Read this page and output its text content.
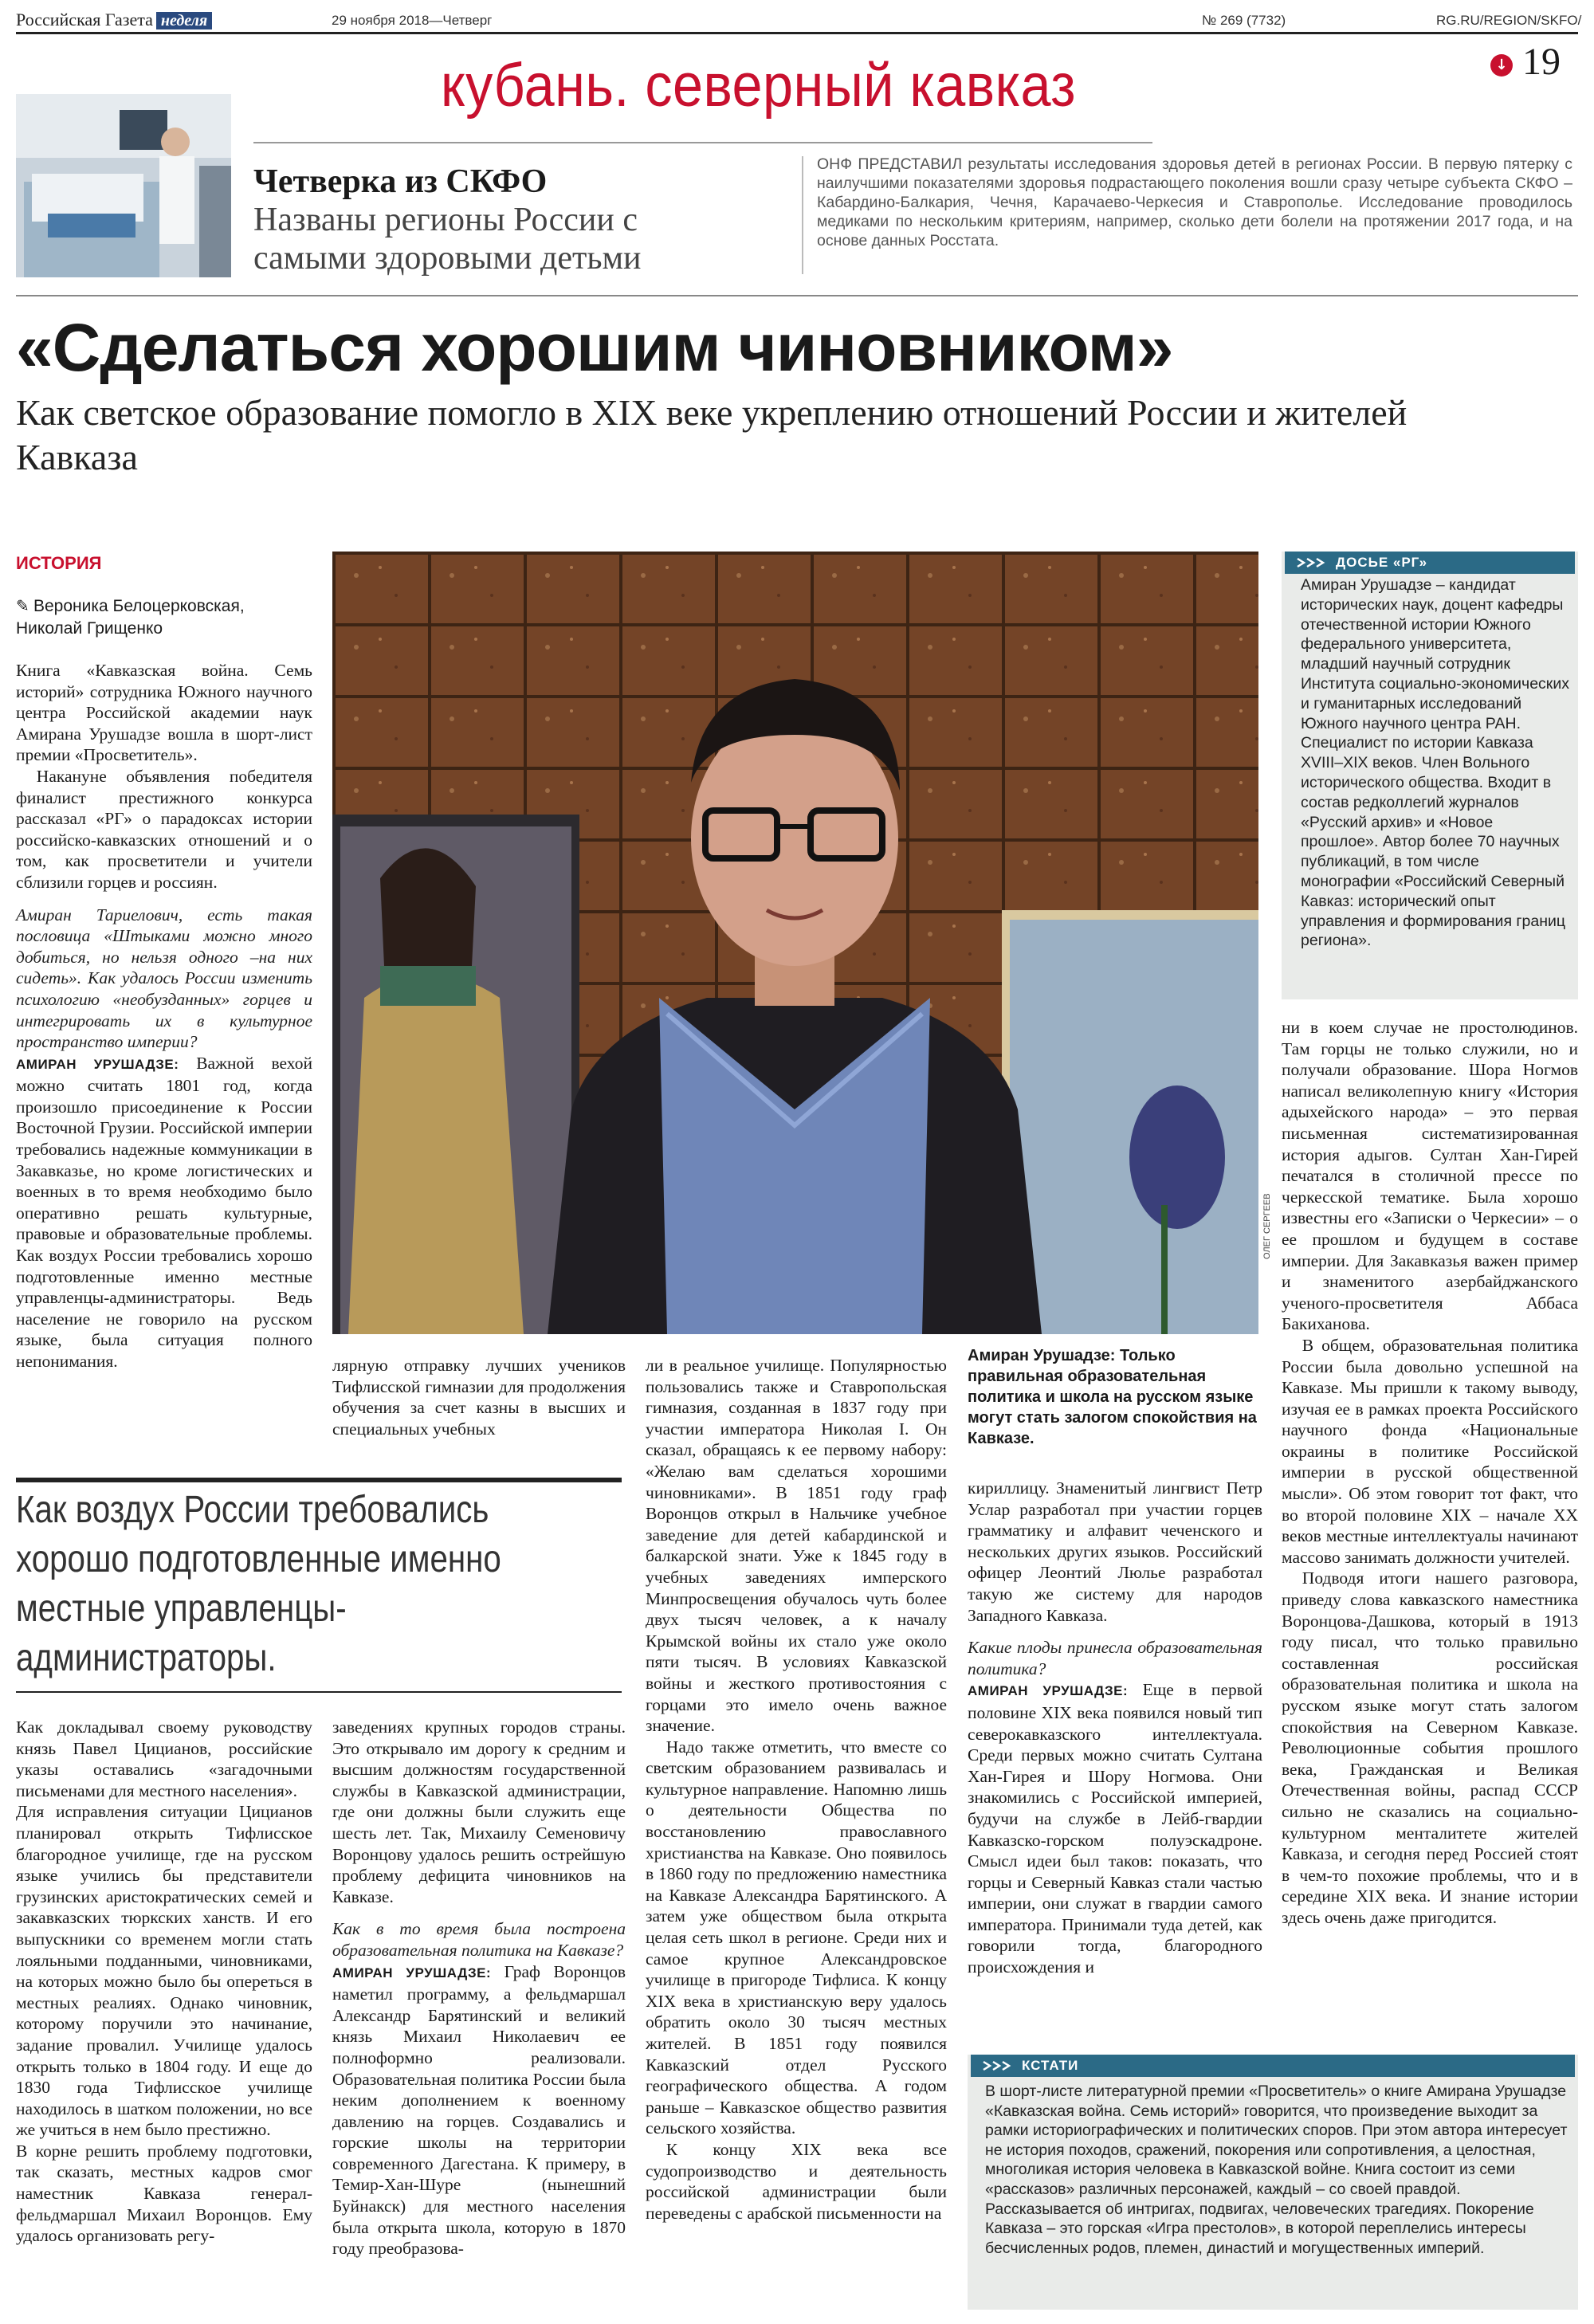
Российская Газета неделя	29 ноября 2018—Четверг	№ 269 (7732)	RG.RU/REGION/SKFO/
кубань. северный кавказ	↓ 19
Четверка из СКФО
Названы регионы России с самыми здоровыми детьми
ОНФ ПРЕДСТАВИЛ результаты исследования здоровья детей в регионах России. В первую пятерку с наилучшими показателями здоровья подрастающего поколения вошли сразу четыре субъекта СКФО – Кабардино-Балкария, Чечня, Карачаево-Черкесия и Ставрополье. Исследование проводилось медиками по нескольким критериям, например, сколько дети болели на протяжении 2017 года, и на основе данных Росстата.
«Сделаться хорошим чиновником»
Как светское образование помогло в XIX веке укреплению отношений России и жителей Кавказа
ИСТОРИЯ
✎ Вероника Белоцерковская,
Николай Грищенко

Книга «Кавказская война. Семь историй» сотрудника Южного научного центра Российской академии наук Амирана Урушадзе вошла в шорт-лист премии «Просветитель».

Накануне объявления победителя финалист престижного конкурса рассказал «РГ» о парадоксах истории российско-кавказских отношений и о том, как просветители и учители сблизили горцев и россиян.

Амиран Тариелович, есть такая пословица «Штыками можно много добиться, но нельзя одного –на них сидеть». Как удалось России изменить психологию «необузданных» горцев и интегрировать их в культурное пространство империи?

АМИРАН УРУШАДЗЕ: Важной вехой можно считать 1801 год, когда произошло присоединение к России Восточной Грузии. Российской империи требовались надежные коммуникации в Закавказье, но кроме логистических и военных в то время необходимо было оперативно решать культурные, правовые и образовательные проблемы. Как воздух России требовались хорошо подготовленные именно местные управленцы-администраторы. Ведь население не говорило на русском языке, была ситуация полного непонимания.

ОЛЕГ СЕРГЕЕВ
ДОСЬЕ «РГ»
Амиран Урушадзе – кандидат исторических наук, доцент кафедры отечественной истории Южного федерального университета, младший научный сотрудник Института социально-экономических и гуманитарных исследований Южного научного центра РАН. Специалист по истории Кавказа XVIII–XIX веков. Член Вольного исторического общества. Входит в состав редколлегий журналов «Русский архив» и «Новое прошлое». Автор более 70 научных публикаций, в том числе монографии «Российский Северный Кавказ: исторический опыт управления и формирования границ региона».

ни в коем случае не простолюдинов. Там горцы не только служили, но и получали образование. Шора Ногмов написал великолепную книгу «История адыхейского народа» – это первая письменная систематизированная история адыгов. Султан Хан-Гирей печатался в столичной прессе по черкесской тематике. Была хорошо известны его «Записки о Черкесии» – о ее прошлом и будущем в составе империи. Для Закавказья важен пример и знаменитого азербайджанского ученого-просветителя Аббаса Бакиханова.

В общем, образовательная политика России была довольно успешной на Кавказе. Мы пришли к такому выводу, изучая ее в рамках проекта Российского научного фонда «Национальные окраины в политике Российской империи в русской общественной мысли». Об этом говорит тот факт, что во второй половине XIX – начале XX веков местные интеллектуалы начинают массово занимать должности учителей.

Подводя итоги нашего разговора, приведу слова кавказского наместника Воронцова-Дашкова, который в 1913 году писал, что только правильно составленная российская образовательная политика и школа на русском языке могут стать залогом спокойствия на Северном Кавказе. Революционные события прошлого века, Гражданская и Великая Отечественная войны, распад СССР сильно не сказались на социально-культурном менталитете жителей Кавказа, и сегодня перед Россией стоят в чем-то похожие проблемы, что и в середине XIX века. И знание истории здесь очень даже пригодится.

Амиран Урушадзе: Только правильная образовательная политика и школа на русском языке могут стать залогом спокойствия на Кавказе.

лярную отправку лучших учеников Тифлисской гимназии для продолжения обучения за счет казны в высших и специальных учебных

ли в реальное училище. Популярностью пользовались также и Ставропольская гимназия, созданная в 1837 году при участии императора Николая I. Он сказал, обращаясь к ее первому набору: «Желаю вам сделаться хорошими чиновниками». В 1851 году граф Воронцов открыл в Нальчике учебное заведение для детей кабардинской и балкарской знати. Уже к 1845 году в учебных заведениях имперского Минпросвещения обучалось чуть более двух тысяч человек, а к началу Крымской войны их стало уже около пяти тысяч. В условиях Кавказской войны и жесткого противостояния с горцами это имело очень важное значение.

Надо также отметить, что вместе со светским образованием развивалась и культурное направление. Напомню лишь о деятельности Общества по восстановлению православного христианства на Кавказе. Оно появилось в 1860 году по предложению наместника на Кавказе Александра Барятинского. А затем уже обществом была открыта целая сеть школ в регионе. Среди них и самое крупное Александровское училище в пригороде Тифлиса. К концу XIX века в христианскую веру удалось обратить около 30 тысяч местных жителей. В 1851 году появился Кавказский отдел Русского географического общества. А годом раньше – Кавказское общество развития сельского хозяйства.

К концу XIX века все судопроизводство и деятельность российской администрации были переведены с арабской письменности на

кириллицу. Знаменитый лингвист Петр Услар разработал при участии горцев грамматику и алфавит чеченского и нескольких других языков. Российский офицер Леонтий Люлье разработал такую же систему для народов Западного Кавказа.

Какие плоды принесла образовательная политика?

АМИРАН УРУШАДЗЕ: Еще в первой половине XIX века появился новый тип северокавказского интеллектуала. Среди первых можно считать Султана Хан-Гирея и Шору Ногмова. Они знакомились с Российской империей, будучи на службе в Лейб-гвардии Кавказско-горском полуэскадроне. Смысл идеи был таков: показать, что горцы и Северный Кавказ стали частью империи, они служат в гвардии самого императора. Принимали туда детей, как говорили тогда, благородного происхождения и

Как воздух России требовались хорошо подготовленные именно местные управленцы-администраторы.

Как докладывал своему руководству князь Павел Цицианов, российские указы оставались «загадочными письменами для местного населения».

Для исправления ситуации Цицианов планировал открыть Тифлисское благородное училище, где на русском языке учились бы представители грузинских аристократических семей и закавказских тюркских ханств. И его выпускники со временем могли стать лояльными подданными, чиновниками, на которых можно было бы опереться в местных реалиях. Однако чиновник, которому поручили это начинание, задание провалил. Училище удалось открыть только в 1804 году. И еще до 1830 года Тифлисское училище находилось в шатком положении, но все же учиться в нем было престижно.

В корне решить проблему подготовки, так сказать, местных кадров смог наместник Кавказа генерал-фельдмаршал Михаил Воронцов. Ему удалось организовать регу-

заведениях крупных городов страны. Это открывало им дорогу к средним и высшим должностям государственной службы в Кавказской администрации, где они должны были служить еще шесть лет. Так, Михаилу Семеновичу Воронцову удалось решить острейшую проблему дефицита чиновников на Кавказе.

Как в то время была построена образовательная политика на Кавказе?

АМИРАН УРУШАДЗЕ: Граф Воронцов наметил программу, а фельдмаршал Александр Барятинский и великий князь Михаил Николаевич ее полноформно реализовали. Образовательная политика России была неким дополнением к военному давлению на горцев. Создавались и горские школы на территории современного Дагестана. К примеру, в Темир-Хан-Шуре (нынешний Буйнакск) для местного населения была открыта школа, которую в 1870 году преобразова-

КСТАТИ
В шорт-листе литературной премии «Просветитель» о книге Амирана Урушадзе «Кавказская война. Семь историй» говорится, что произведение выходит за рамки историографических и политических споров. При этом автора интересует не история походов, сражений, покорения или сопротивления, а целостная, многоликая история человека в Кавказской войне. Книга состоит из семи «рассказов» различных персонажей, каждый – со своей правдой. Рассказывается об интригах, подвигах, человеческих трагедиях. Покорение Кавказа – это горская «Игра престолов», в которой переплелись интересы бесчисленных родов, племен, династий и могущественных империй.
